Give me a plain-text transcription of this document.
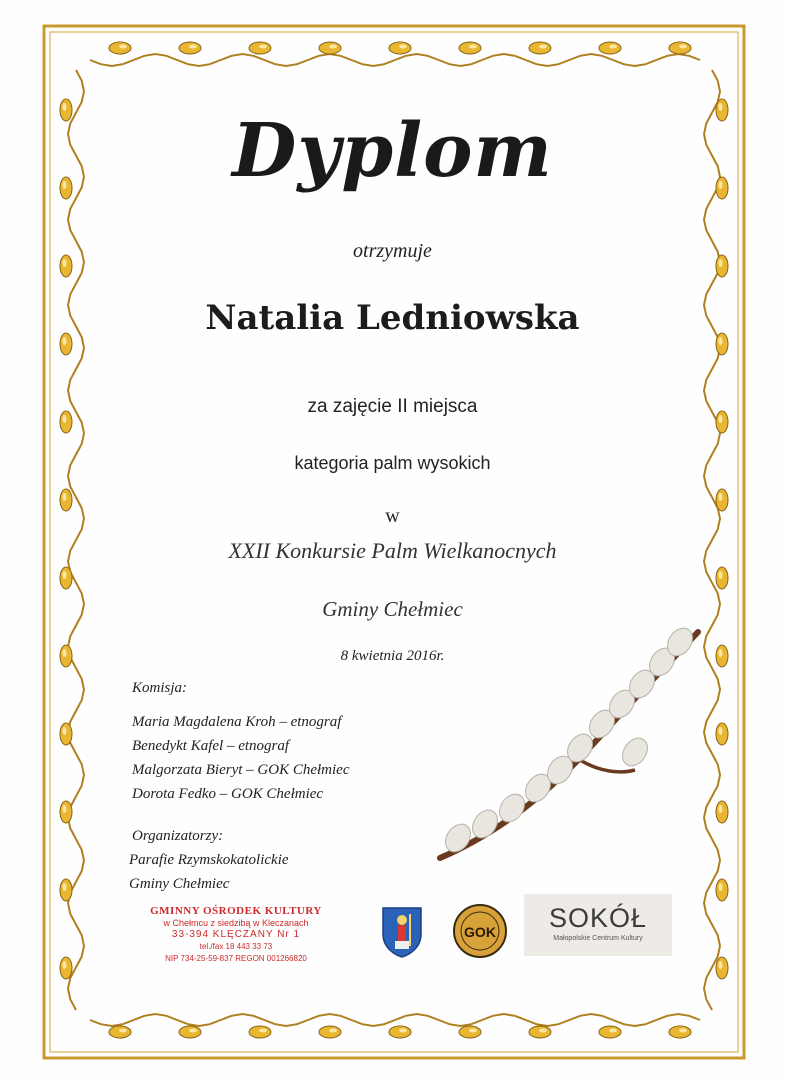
Dyplom
otrzymuje
Natalia Ledniowska
za zajęcie II miejsca
kategoria palm wysokich
w
XXII Konkursie Palm Wielkanocnych
Gminy Chełmiec
8 kwietnia 2016r.
Komisja:
Maria Magdalena Kroh – etnograf
Benedykt Kafel – etnograf
Malgorzata Bieryt – GOK Chełmiec
Dorota Fedko – GOK Chełmiec
Organizatorzy:
Parafie Rzymskokatolickie
Gminy Chełmiec
GMINNY OŚRODEK KULTURY
w Chełmcu z siedzibą w Kleczanach
33-394 KLĘCZANY Nr 1
tel./fax 18 443 33 73
NIP 734-25-59-837 REGON 001266820
GOK	SOKÓŁ
Małopolskie Centrum Kultury
